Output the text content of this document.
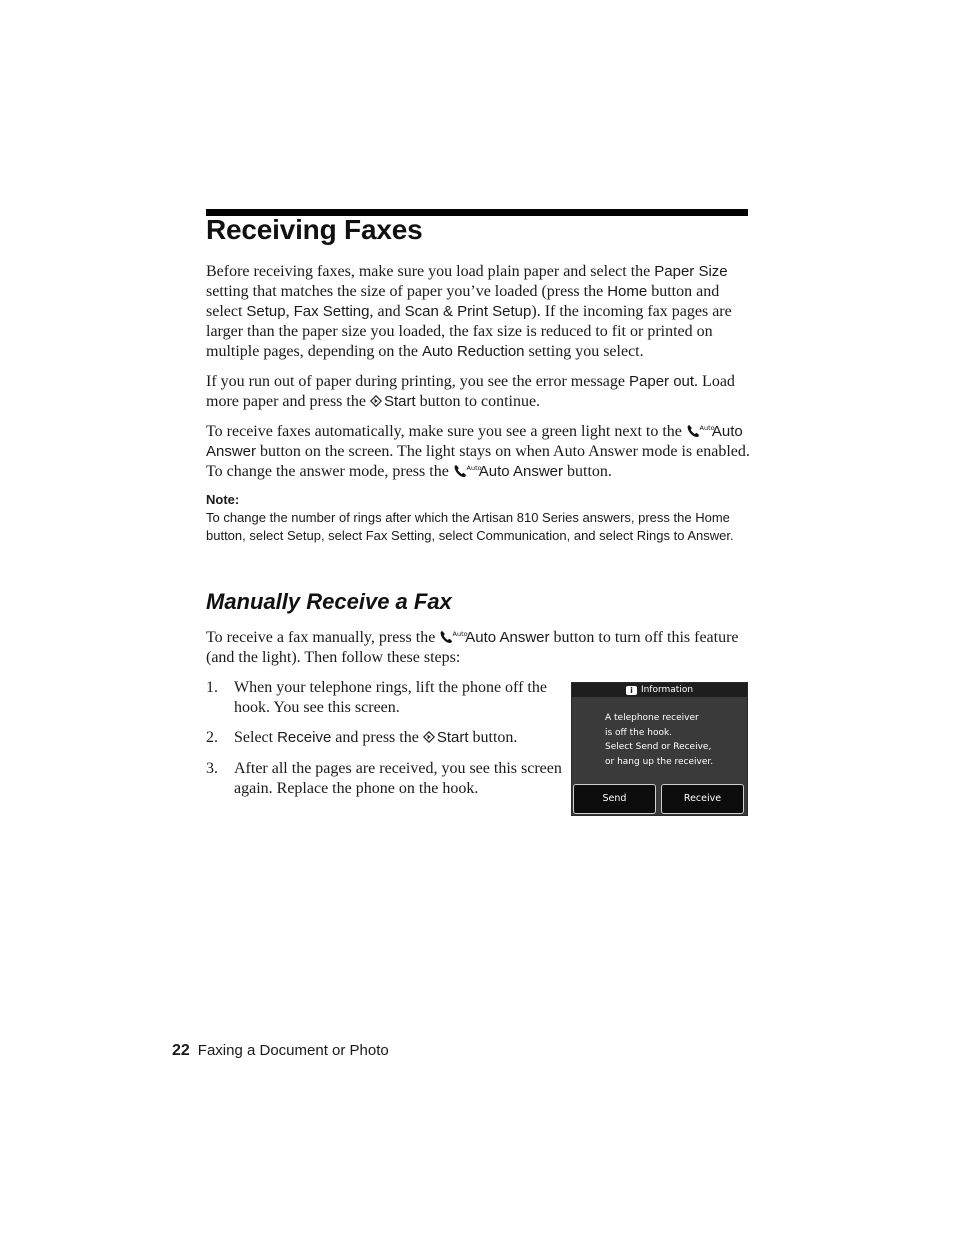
Receiving Faxes

Before receiving faxes, make sure you load plain paper and select the Paper Size setting that matches the size of paper you’ve loaded (press the Home button and select Setup, Fax Setting, and Scan & Print Setup). If the incoming fax pages are larger than the paper size you loaded, the fax size is reduced to fit or printed on multiple pages, depending on the Auto Reduction setting you select.

If you run out of paper during printing, you see the error message Paper out. Load more paper and press the Start button to continue.

To receive faxes automatically, make sure you see a green light next to the Auto
Auto Answer button on the screen. The light stays on when Auto Answer mode is enabled. To change the answer mode, press the Auto
Auto Answer button.

Note:

To change the number of rings after which the Artisan 810 Series answers, press the Home button, select Setup, select Fax Setting, select Communication, and select Rings to Answer.

Manually Receive a Fax

To receive a fax manually, press the Auto
Auto Answer button to turn off this feature (and the light). Then follow these steps:

1. When your telephone rings, lift the phone off the hook. You see this screen.
2. Select Receive and press the Start button.
3. After all the pages are received, you see this screen again. Replace the phone on the hook.
i Information
A telephone receiver
is off the hook.
Select Send or Receive,
or hang up the receiver.
Send	Receive
22 Faxing a Document or Photo
